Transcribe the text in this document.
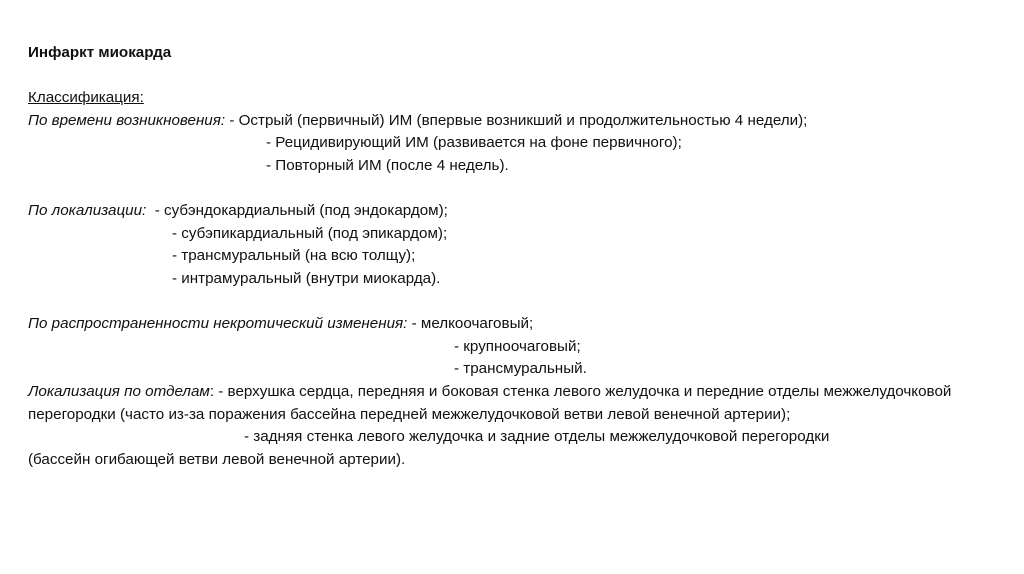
Инфаркт миокарда
Классификация:
По времени возникновения: - Острый (первичный) ИМ (впервые возникший и продолжительностью 4 недели);
- Рецидивирующий ИМ (развивается на фоне первичного);
- Повторный ИМ (после 4 недель).
По локализации:  - субэндокардиальный (под эндокардом);
- субэпикардиальный (под эпикардом);
- трансмуральный (на всю толщу);
- интрамуральный (внутри миокарда).
По распространенности некротический изменения: - мелкоочаговый;
- крупноочаговый;
- трансмуральный.
Локализация по отделам: - верхушка сердца, передняя и боковая стенка левого желудочка и передние отделы межжелудочковой перегородки (часто из-за поражения бассейна передней межжелудочковой ветви левой венечной артерии);
- задняя стенка левого желудочка и задние отделы межжелудочковой перегородки
(бассейн огибающей ветви левой венечной артерии).
